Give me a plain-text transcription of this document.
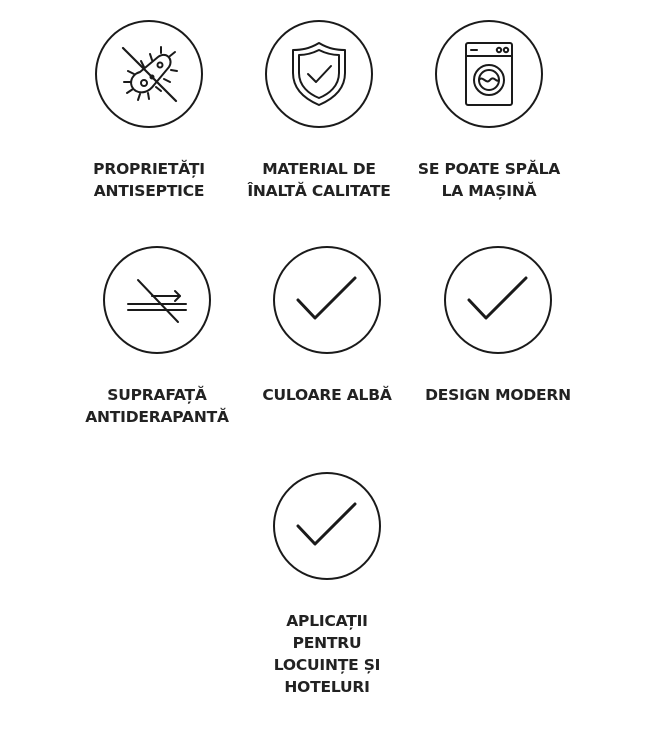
PROPRIETĂȚI
ANTISEPTICE
MATERIAL DE
ÎNALTĂ CALITATE
SE POATE SPĂLA
LA MAȘINĂ
SUPRAFAȚĂ
ANTIDERAPANTĂ
CULOARE ALBĂ	DESIGN MODERN
APLICAȚII
PENTRU
LOCUINȚE ȘI
HOTELURI
